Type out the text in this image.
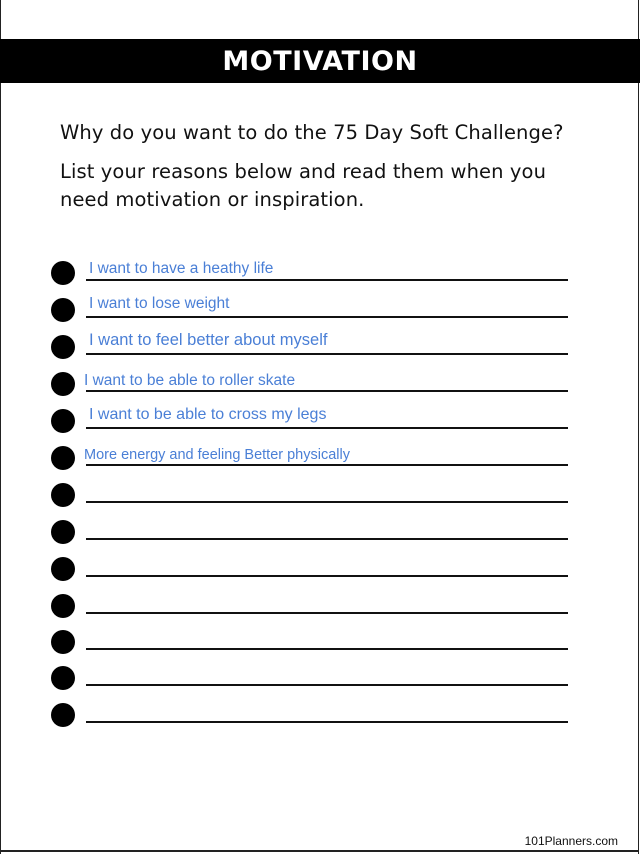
MOTIVATION
Why do you want to do the 75 Day Soft Challenge?
List your reasons below and read them when you need motivation or inspiration.
I want to have a heathy life
I want to lose weight
I want to feel better about myself
I want to be able to roller skate
I want to be able to cross my legs
More energy and feeling Better physically
101Planners.com
